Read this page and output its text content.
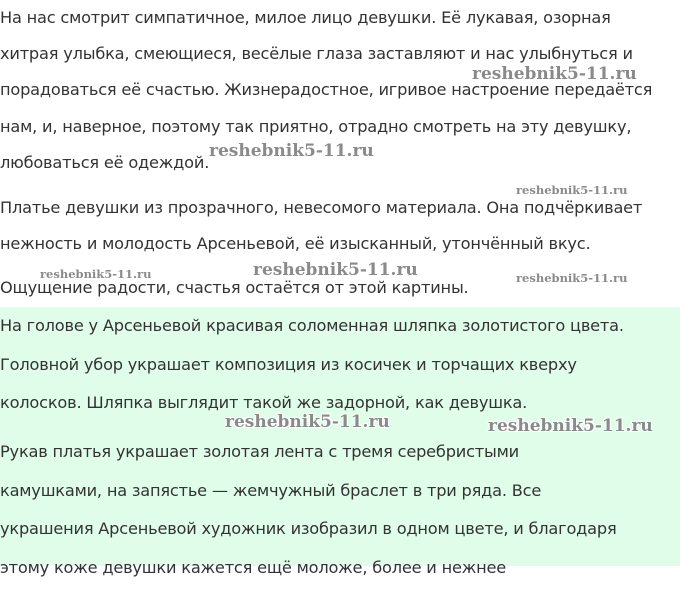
На нас смотрит симпатичное, милое лицо девушки. Её лукавая, озорная
хитрая улыбка, смеющиеся, весёлые глаза заставляют и нас улыбнуться и
порадоваться её счастью. Жизнерадостное, игривое настроение передаётся
нам, и, наверное, поэтому так приятно, отрадно смотреть на эту девушку,
любоваться её одеждой.
Платье девушки из прозрачного, невесомого материала. Она подчёркивает
нежность и молодость Арсеньевой, её изысканный, утончённый вкус.
Ощущение радости, счастья остаётся от этой картины.
На голове у Арсеньевой красивая соломенная шляпка золотистого цвета.
Головной убор украшает композиция из косичек и торчащих кверху
колосков. Шляпка выглядит такой же задорной, как девушка.
Рукав платья украшает золотая лента с тремя серебристыми
камушками, на запястье — жемчужный браслет в три ряда. Все
украшения Арсеньевой художник изобразил в одном цвете, и благодаря
этому коже девушки кажется ещё моложе, более и нежнее
reshebnik5-11.ru
reshebnik5-11.ru
reshebnik5-11.ru
reshebnik5-11.ru	reshebnik5-11.ru	reshebnik5-11.ru
reshebnik5-11.ru	reshebnik5-11.ru
